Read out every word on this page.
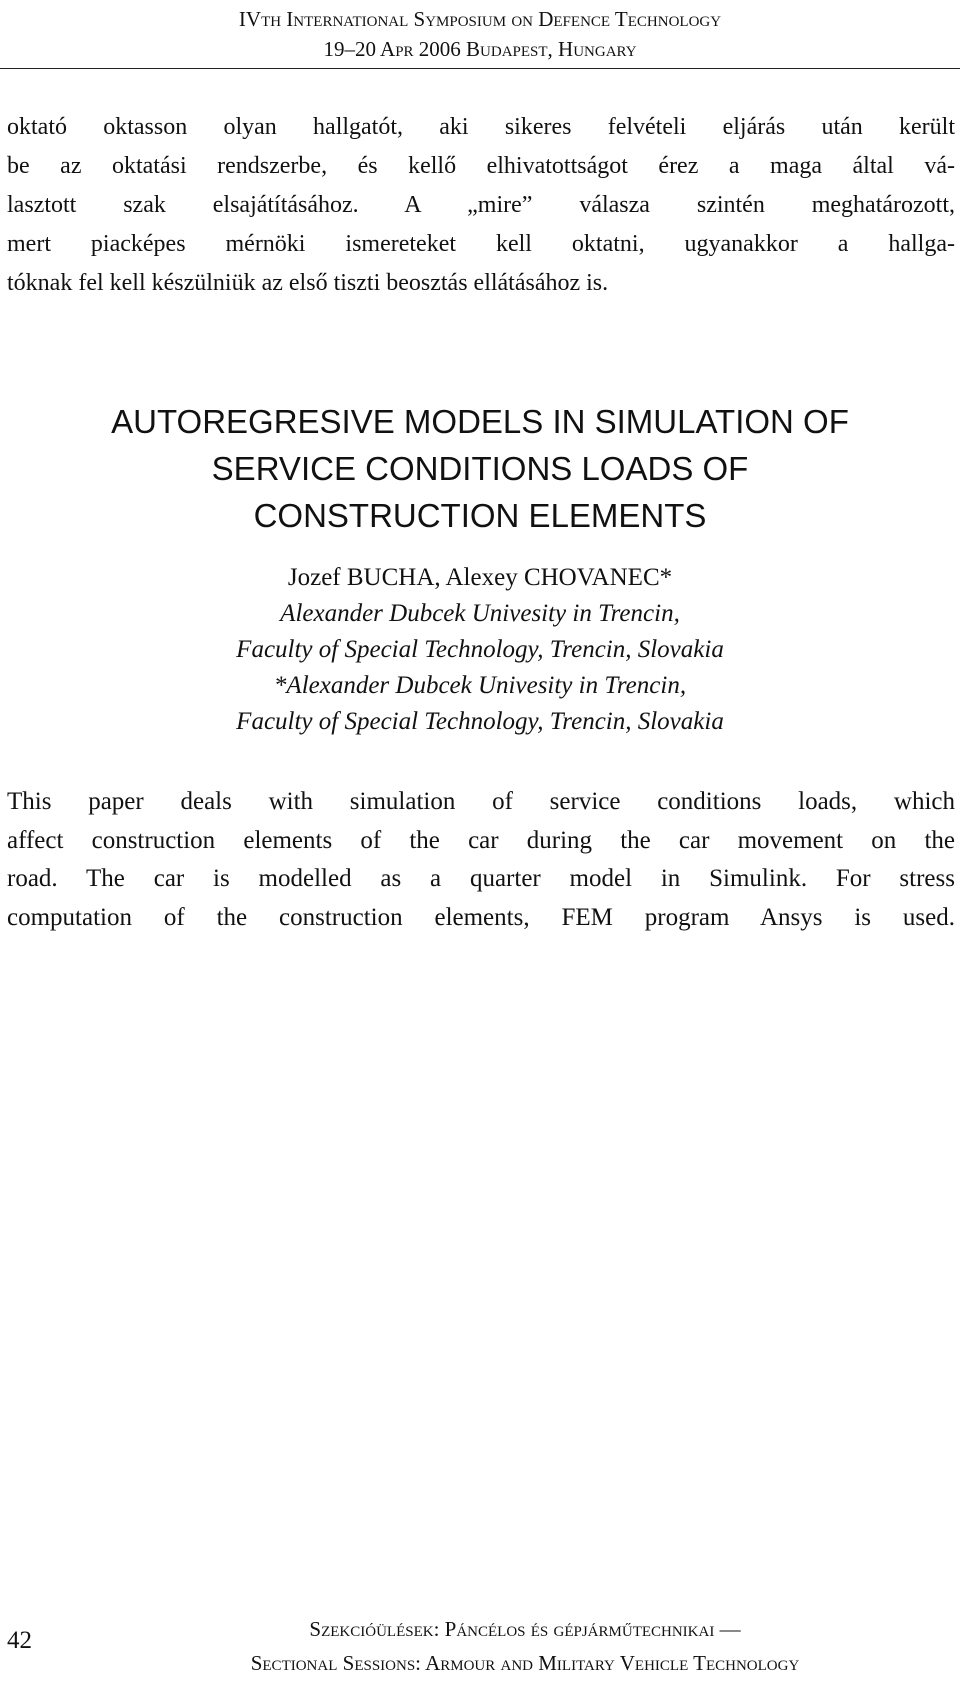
IVth International Symposium on Defence Technology
19–20 Apr 2006 Budapest, Hungary

oktató oktasson olyan hallgatót, aki sikeres felvételi eljárás után került
be az oktatási rendszerbe, és kellő elhivatottságot érez a maga által vá-
lasztott szak elsajátításához. A „mire” válasza szintén meghatározott,
mert piacképes mérnöki ismereteket kell oktatni, ugyanakkor a hallga-
tóknak fel kell készülniük az első tiszti beosztás ellátásához is.

AUTOREGRESIVE MODELS IN SIMULATION OF
SERVICE CONDITIONS LOADS OF
CONSTRUCTION ELEMENTS
Jozef BUCHA, Alexey CHOVANEC*
Alexander Dubcek Univesity in Trencin,
Faculty of Special Technology, Trencin, Slovakia
*Alexander Dubcek Univesity in Trencin,
Faculty of Special Technology, Trencin, Slovakia

This paper deals with simulation of service conditions loads, which
affect construction elements of the car during the car movement on the
road. The car is modelled as a quarter model in Simulink. For stress
computation of the construction elements, FEM program Ansys is used.

42	Szekcióülések: Páncélos és gépjárműtechnikai —
Sectional Sessions: Armour and Military Vehicle Technology
